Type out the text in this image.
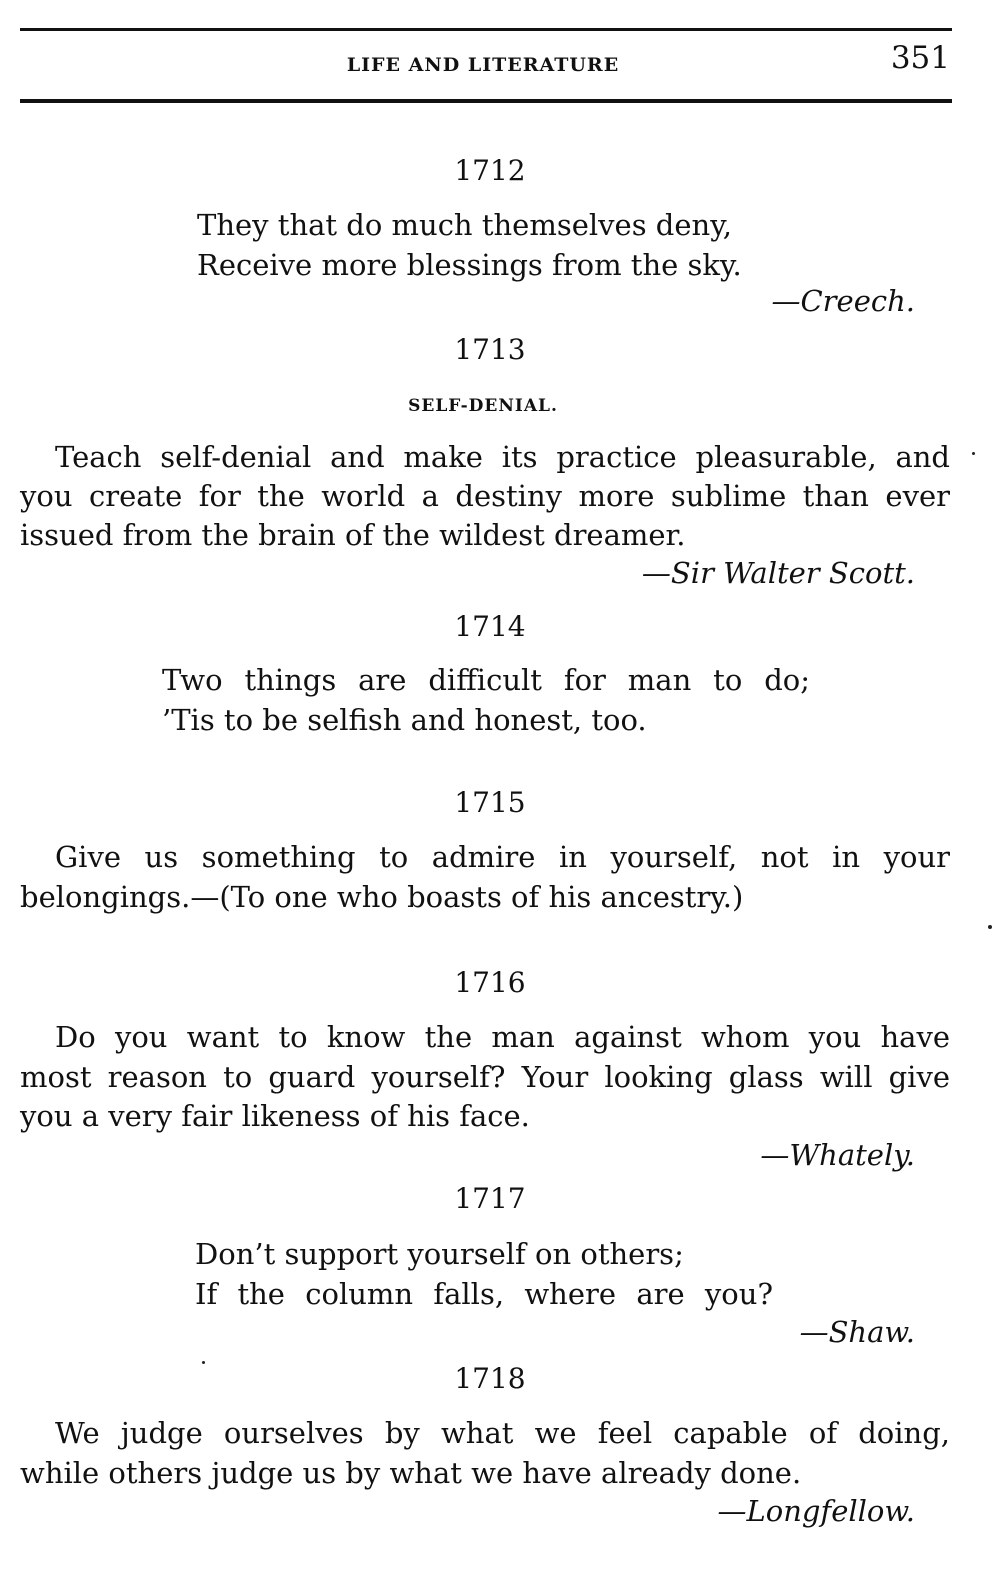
LIFE AND LITERATURE	351
1712
They that do much themselves deny,
Receive more blessings from the sky.
—Creech.
1713
SELF-DENIAL.
Teach self-denial and make its practice pleasurable, and
you create for the world a destiny more sublime than ever
issued from the brain of the wildest dreamer.
—Sir Walter Scott.
1714
Two things are difficult for man to do;
’Tis to be selfish and honest, too.
1715
Give us something to admire in yourself, not in your
belongings.—(To one who boasts of his ancestry.)
1716
Do you want to know the man against whom you have
most reason to guard yourself? Your looking glass will give
you a very fair likeness of his face.
—Whately.
1717
Don’t support yourself on others;
If the column falls, where are you?
—Shaw.
1718
We judge ourselves by what we feel capable of doing,
while others judge us by what we have already done.
—Longfellow.
